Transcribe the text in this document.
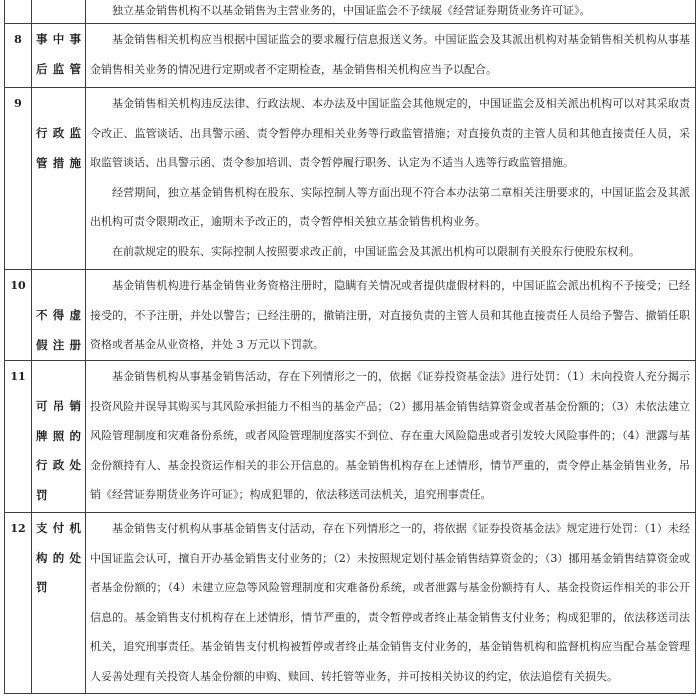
独立基金销售机构不以基金销售为主营业务的，中国证监会不予续展《经营证券期货业务许可证》。

8	事中事
后监管

基金销售相关机构应当根据中国证监会的要求履行信息报送义务。中国证监会及其派出机构对基金销售相关机构从事基金销售相关业务的情况进行定期或者不定期检查，基金销售相关机构应当予以配合。

9
行政监
管措施

基金销售相关机构违反法律、行政法规、本办法及中国证监会其他规定的，中国证监会及相关派出机构可以对其采取责令改正、监管谈话、出具警示函、责令暂停办理相关业务等行政监管措施；对直接负责的主管人员和其他直接责任人员，采取监管谈话、出具警示函、责令参加培训、责令暂停履行职务、认定为不适当人选等行政监管措施。

经营期间，独立基金销售机构在股东、实际控制人等方面出现不符合本办法第二章相关注册要求的，中国证监会及其派出机构可责令限期改正，逾期未予改正的，责令暂停相关独立基金销售机构业务。

在前款规定的股东、实际控制人按照要求改正前，中国证监会及其派出机构可以限制有关股东行使股东权利。

10
不得虚
假注册

基金销售机构进行基金销售业务资格注册时，隐瞒有关情况或者提供虚假材料的，中国证监会派出机构不予接受；已经接受的，不予注册，并处以警告；已经注册的，撤销注册，对直接负责的主管人员和其他直接责任人员给予警告、撤销任职资格或者基金从业资格，并处 3 万元以下罚款。

11
可吊销
牌照的
行政处
罚

基金销售机构从事基金销售活动，存在下列情形之一的，依据《证券投资基金法》进行处罚：（1）未向投资人充分揭示投资风险并误导其购买与其风险承担能力不相当的基金产品；（2）挪用基金销售结算资金或者基金份额的；（3）未依法建立风险管理制度和灾难备份系统，或者风险管理制度落实不到位、存在重大风险隐患或者引发较大风险事件的；（4）泄露与基金份额持有人、基金投资运作相关的非公开信息的。基金销售机构存在上述情形，情节严重的，责令停止基金销售业务，吊销《经营证券期货业务许可证》；构成犯罪的，依法移送司法机关，追究刑事责任。

12 支付机
构的处
罚

基金销售支付机构从事基金销售支付活动，存在下列情形之一的，将依据《证券投资基金法》规定进行处罚：（1）未经中国证监会认可，擅自开办基金销售支付业务的；（2）未按照规定划付基金销售结算资金的；（3）挪用基金销售结算资金或者基金份额的；（4）未建立应急等风险管理制度和灾难备份系统，或者泄露与基金份额持有人、基金投资运作相关的非公开信息的。基金销售支付机构存在上述情形，情节严重的，责令暂停或者终止基金销售支付业务；构成犯罪的，依法移送司法机关，追究刑事责任。基金销售支付机构被暂停或者终止基金销售支付业务的，基金销售机构和监督机构应当配合基金管理人妥善处理有关投资人基金份额的申购、赎回、转托管等业务，并可按相关协议的约定，依法追偿有关损失。
